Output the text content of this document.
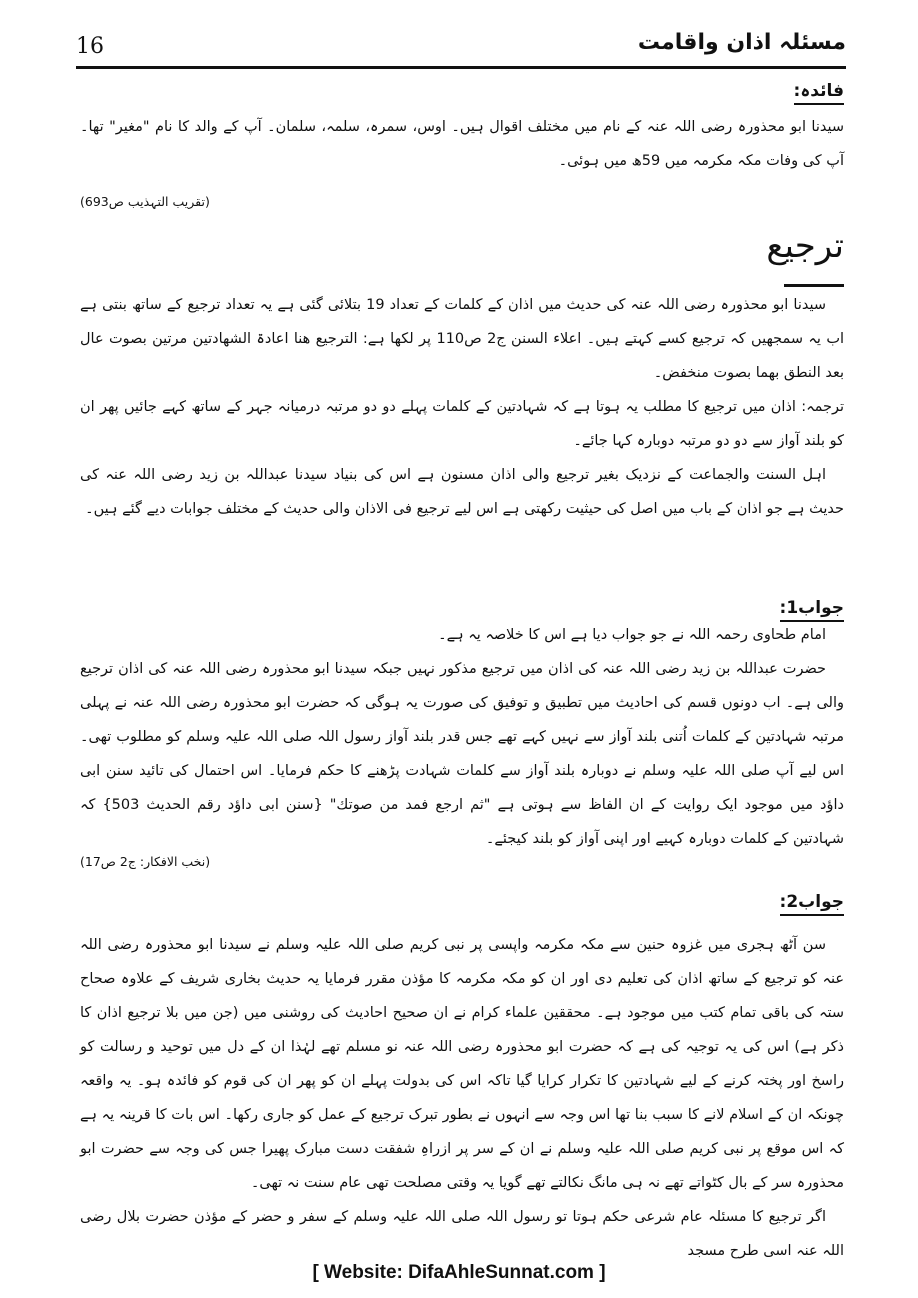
16	مسئلہ اذان واقامت

فائدہ:

سیدنا ابو محذورہ رضی اللہ عنہ کے نام میں مختلف اقوال ہیں۔ اوس، سمرہ، سلمہ، سلمان۔ آپ کے والد کا نام "مغیر" تھا۔ آپ کی وفات مکہ مکرمہ میں 59ھ میں ہوئی۔

(تقریب التہذیب ص693)
ترجیع

سیدنا ابو محذورہ رضی اللہ عنہ کی حدیث میں اذان کے کلمات کے تعداد 19 بتلائی گئی ہے یہ تعداد ترجیع کے ساتھ بنتی ہے اب یہ سمجھیں کہ ترجیع کسے کہتے ہیں۔ اعلاء السنن ج2 ص110 پر لکھا ہے: الترجیع ھنا اعادۃ الشھادتین مرتین بصوت عال بعد النطق بھما بصوت منخفض۔

ترجمہ: اذان میں ترجیع کا مطلب یہ ہوتا ہے کہ شہادتین کے کلمات پہلے دو دو مرتبہ درمیانہ جہر کے ساتھ کہے جائیں پھر ان کو بلند آواز سے دو دو مرتبہ دوبارہ کہا جائے۔

اہل السنت والجماعت کے نزدیک بغیر ترجیع والی اذان مسنون ہے اس کی بنیاد سیدنا عبداللہ بن زید رضی اللہ عنہ کی حدیث ہے جو اذان کے باب میں اصل کی حیثیت رکھتی ہے اس لیے ترجیع فی الاذان والی حدیث کے مختلف جوابات دیے گئے ہیں۔

جواب1:

امام طحاوی رحمہ اللہ نے جو جواب دیا ہے اس کا خلاصہ یہ ہے۔

حضرت عبداللہ بن زید رضی اللہ عنہ کی اذان میں ترجیع مذکور نہیں جبکہ سیدنا ابو محذورہ رضی اللہ عنہ کی اذان ترجیع والی ہے۔ اب دونوں قسم کی احادیث میں تطبیق و توفیق کی صورت یہ ہوگی کہ حضرت ابو محذورہ رضی اللہ عنہ نے پہلی مرتبہ شہادتین کے کلمات اُتنی بلند آواز سے نہیں کہے تھے جس قدر بلند آواز رسول اللہ صلی اللہ علیہ وسلم کو مطلوب تھی۔ اس لیے آپ صلی اللہ علیہ وسلم نے دوبارہ بلند آواز سے کلمات شہادت پڑھنے کا حکم فرمایا۔ اس احتمال کی تائید سنن ابی داؤد میں موجود ایک روایت کے ان الفاظ سے ہوتی ہے "ثم ارجع فمد من صوتك" {سنن ابی داؤد رقم الحدیث 503} کہ شہادتین کے کلمات دوبارہ کہیے اور اپنی آواز کو بلند کیجئے۔

(نخب الافکار: ج2 ص17)

جواب2:

سن آٹھ ہجری میں غزوہ حنین سے مکہ مکرمہ واپسی پر نبی کریم صلی اللہ علیہ وسلم نے سیدنا ابو محذورہ رضی اللہ عنہ کو ترجیع کے ساتھ اذان کی تعلیم دی اور ان کو مکہ مکرمہ کا مؤذن مقرر فرمایا یہ حدیث بخاری شریف کے علاوہ صحاح ستہ کی باقی تمام کتب میں موجود ہے۔ محققین علماء کرام نے ان صحیح احادیث کی روشنی میں (جن میں بلا ترجیع اذان کا ذکر ہے) اس کی یہ توجیہ کی ہے کہ حضرت ابو محذورہ رضی اللہ عنہ نو مسلم تھے لہٰذا ان کے دل میں توحید و رسالت کو راسخ اور پختہ کرنے کے لیے شہادتین کا تکرار کرایا گیا تاکہ اس کی بدولت پہلے ان کو پھر ان کی قوم کو فائدہ ہو۔ یہ واقعہ چونکہ ان کے اسلام لانے کا سبب بنا تھا اس وجہ سے انہوں نے بطور تبرک ترجیع کے عمل کو جاری رکھا۔ اس بات کا قرینہ یہ ہے کہ اس موقع پر نبی کریم صلی اللہ علیہ وسلم نے ان کے سر پر ازراہِ شفقت دست مبارک پھیرا جس کی وجہ سے حضرت ابو محذورہ سر کے بال کٹواتے تھے نہ ہی مانگ نکالتے تھے گویا یہ وقتی مصلحت تھی عام سنت نہ تھی۔

اگر ترجیع کا مسئلہ عام شرعی حکم ہوتا تو رسول اللہ صلی اللہ علیہ وسلم کے سفر و حضر کے مؤذن حضرت بلال رضی اللہ عنہ اسی طرح مسجد

[ Website: DifaAhleSunnat.com ]
